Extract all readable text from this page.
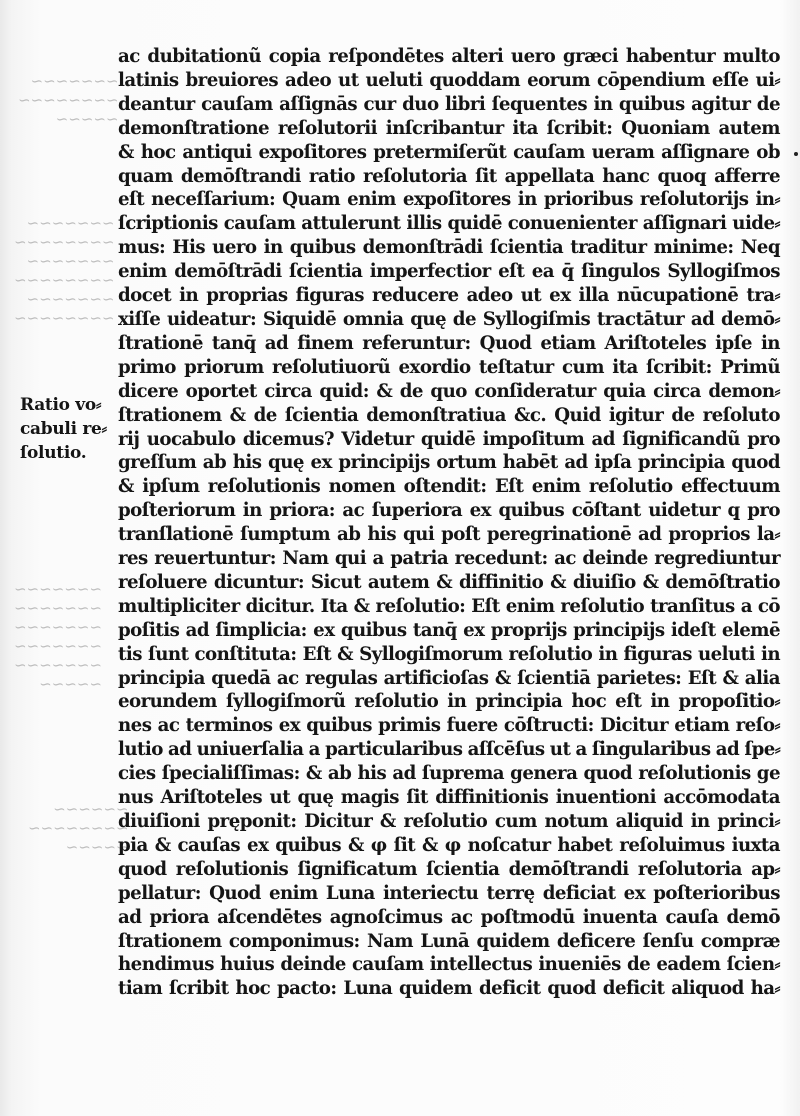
~~~~~~~
~~~~~~~~
~~~~~
~~~~~~~
~~~~~~~~
~~~~~~~
~~~~~~~~
~~~~~~~
~~~~~~~~
~~~~~~~
~~~~~~~
~~~~~~~
~~~~~~~
~~~~~~~
~~~~~
~~~~~~
~~~~~~~~
~~~~~
Ratio vo⸗
cabuli re⸗
ſolutio.
ac dubitationũ copia reſpondētes alteri uero græci habentur multo
latinis breuiores adeo ut ueluti quoddam eorum cōpendium eſſe ui⸗
deantur cauſam aſſignās cur duo libri ſequentes in quibus agitur de
demonſtratione reſolutorii inſcribantur ita ſcribit: Quoniam autem
& hoc antiqui expoſitores pretermiſerũt cauſam ueram aſſignare ob
quam demōſtrandi ratio reſolutoria ſit appellata hanc quoq̧ afferre
eſt neceſſarium: Quam enim expoſitores in prioribus reſolutorijs in⸗
ſcriptionis cauſam attulerunt illis quidē conuenienter aſſignari uide⸗
mus: His uero in quibus demonſtrādi ſcientia traditur minime: Neq̧
enim demōſtrādi ſcientia imperfectior eſt ea q̄ ſingulos Syllogiſmos
docet in proprias figuras reducere adeo ut ex illa nūcupationē tra⸗
xiſſe uideatur: Siquidē omnia quę de Syllogiſmis tractātur ad demō⸗
ſtrationē tanq̄ ad finem referuntur: Quod etiam Ariſtoteles ipſe in
primo priorum reſolutiuorũ exordio teſtatur cum ita ſcribit: Primũ
dicere oportet circa quid: & de quo conſideratur quia circa demon⸗
ſtrationem & de ſcientia demonſtratiua &c. Quid igitur de reſoluto
rij uocabulo dicemus? Videtur quidē impoſitum ad ſignificandũ pro
greſſum ab his quę ex principijs ortum habēt ad ipſa principia quod
& ipſum reſolutionis nomen oſtendit: Eſt enim reſolutio effectuum
poſteriorum in priora: ac ſuperiora ex quibus cōſtant uidetur q̧ pro
tranſlationē ſumptum ab his qui poſt peregrinationē ad proprios la⸗
res reuertuntur: Nam qui a patria recedunt: ac deinde regrediuntur
reſoluere dicuntur: Sicut autem & diffinitio & diuiſio & demōſtratio
multipliciter dicitur. Ita & reſolutio: Eſt enim reſolutio tranſitus a cō
poſitis ad ſimplicia: ex quibus tanq̄ ex proprijs principijs ideſt elemē
tis ſunt conſtituta: Eſt & Syllogiſmorum reſolutio in figuras ueluti in
principia quedā ac regulas artificioſas & ſcientiā parietes: Eſt & alia
eorundem ſyllogiſmorũ reſolutio in principia hoc eſt in propoſitio⸗
nes ac terminos ex quibus primis fuere cōſtructi: Dicitur etiam reſo⸗
lutio ad uniuerſalia a particularibus aſſcēſus ut a ſingularibus ad ſpe⸗
cies ſpecialiſſimas: & ab his ad ſuprema genera quod reſolutionis ge
nus Ariſtoteles ut quę magis ſit diffinitionis inuentioni accōmodata
diuiſioni pręponit: Dicitur & reſolutio cum notum aliquid in princi⸗
pia & cauſas ex quibus & φ ſit & φ noſcatur habet reſoluimus iuxta
quod reſolutionis ſignificatum ſcientia demōſtrandi reſolutoria ap⸗
pellatur: Quod enim Luna interiectu terrę deficiat ex poſterioribus
ad priora aſcendētes agnoſcimus ac poſtmodū inuenta cauſa demō
ſtrationem componimus: Nam Lunā quidem deficere ſenſu compræ
hendimus huius deinde cauſam intellectus inueniēs de eadem ſcien⸗
tiam ſcribit hoc pacto: Luna quidem deficit quod deficit aliquod ha⸗
